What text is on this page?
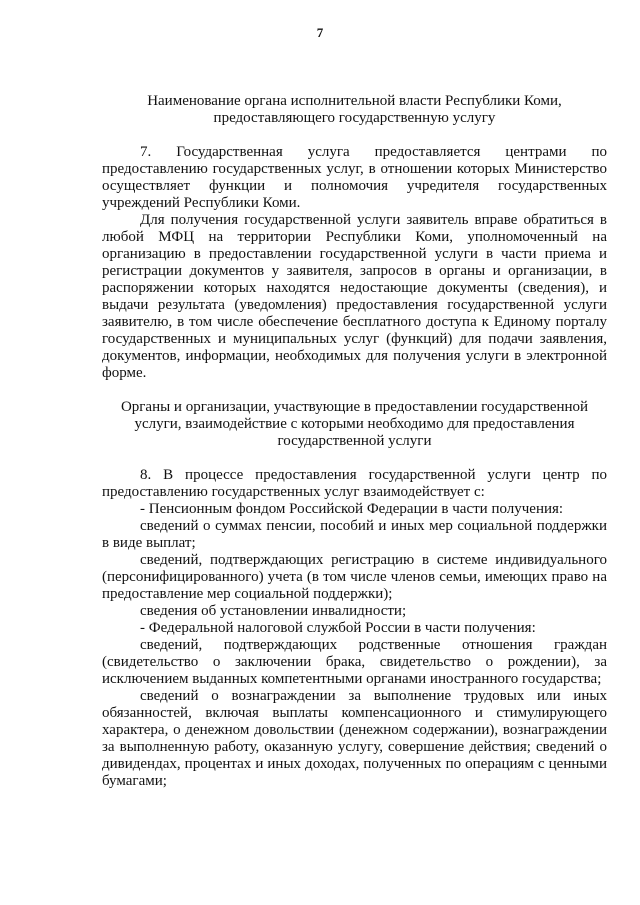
7
Наименование органа исполнительной власти Республики Коми,
предоставляющего государственную услугу

7. Государственная услуга предоставляется центрами по предоставлению государственных услуг, в отношении которых Министерство осуществляет функции и полномочия учредителя государственных учреждений Республики Коми.

Для получения государственной услуги заявитель вправе обратиться в любой МФЦ на территории Республики Коми, уполномоченный на организацию в предоставлении государственной услуги в части приема и регистрации документов у заявителя, запросов в органы и организации, в распоряжении которых находятся недостающие документы (сведения), и выдачи результата (уведомления) предоставления государственной услуги заявителю, в том числе обеспечение бесплатного доступа к Единому порталу государственных и муниципальных услуг (функций) для подачи заявления, документов, информации, необходимых для получения услуги в электронной форме.

Органы и организации, участвующие в предоставлении государственной
услуги, взаимодействие с которыми необходимо для предоставления
государственной услуги

8. В процессе предоставления государственной услуги центр по предоставлению государственных услуг взаимодействует с:

- Пенсионным фондом Российской Федерации в части получения:

сведений о суммах пенсии, пособий и иных мер социальной поддержки в виде выплат;

сведений, подтверждающих регистрацию в системе индивидуального (персонифицированного) учета (в том числе членов семьи, имеющих право на предоставление мер социальной поддержки);

сведения об установлении инвалидности;

- Федеральной налоговой службой России в части получения:

сведений, подтверждающих родственные отношения граждан (свидетельство о заключении брака, свидетельство о рождении), за исключением выданных компетентными органами иностранного государства;

сведений о вознаграждении за выполнение трудовых или иных обязанностей, включая выплаты компенсационного и стимулирующего характера, о денежном довольствии (денежном содержании), вознаграждении за выполненную работу, оказанную услугу, совершение действия; сведений о дивидендах, процентах и иных доходах, полученных по операциям с ценными бумагами;
